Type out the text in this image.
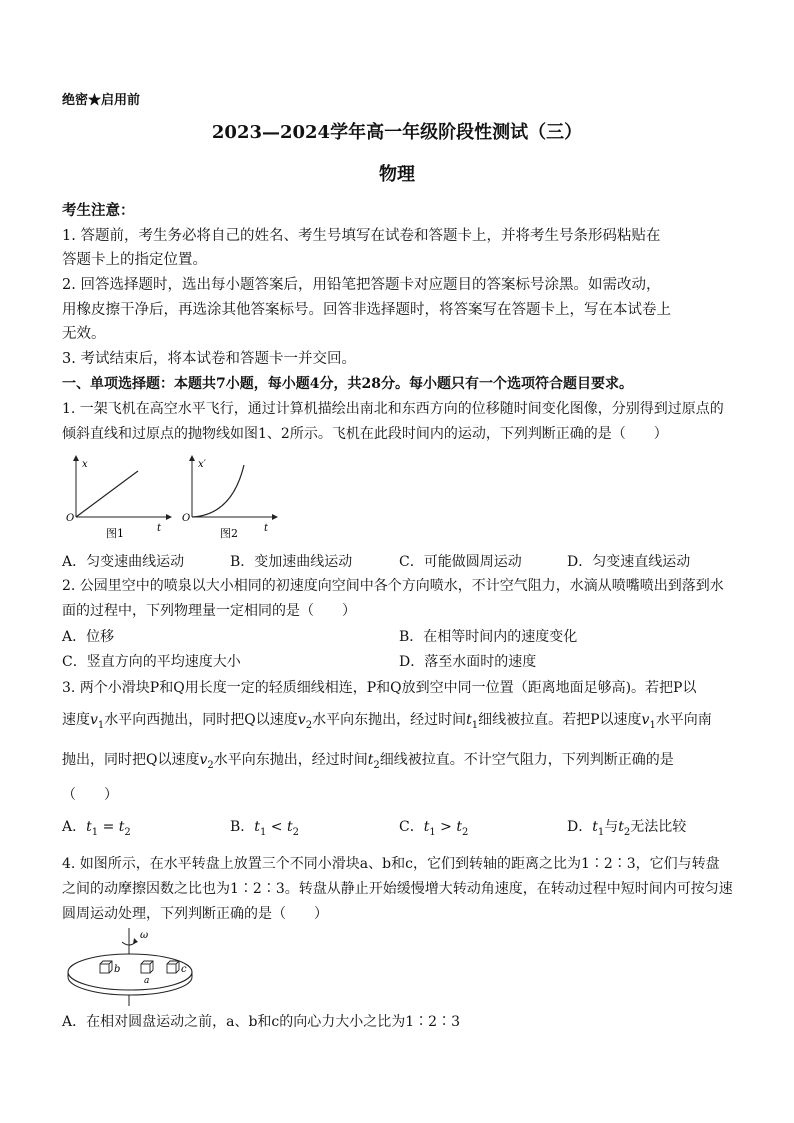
绝密★启用前
2023—2024学年高一年级阶段性测试（三）
物理
考生注意：
1. 答题前，考生务必将自己的姓名、考生号填写在试卷和答题卡上，并将考生号条形码粘贴在
答题卡上的指定位置。
2. 回答选择题时，选出每小题答案后，用铅笔把答题卡对应题目的答案标号涂黑。如需改动，
用橡皮擦干净后，再选涂其他答案标号。回答非选择题时，将答案写在答题卡上，写在本试卷上
无效。
3. 考试结束后，将本试卷和答题卡一并交回。
一、单项选择题：本题共7小题，每小题4分，共28分。每小题只有一个选项符合题目要求。
1. 一架飞机在高空水平飞行，通过计算机描绘出南北和东西方向的位移随时间变化图像，分别得到过原点的
倾斜直线和过原点的抛物线如图1、2所示。飞机在此段时间内的运动，下列判断正确的是（　　）
x
t
O
图1
x′
t
O
图2
A．匀变速曲线运动	B．变加速曲线运动	C．可能做圆周运动	D．匀变速直线运动
2. 公园里空中的喷泉以大小相同的初速度向空间中各个方向喷水，不计空气阻力，水滴从喷嘴喷出到落到水
面的过程中，下列物理量一定相同的是（　　）
A．位移	B．在相等时间内的速度变化
C．竖直方向的平均速度大小	D．落至水面时的速度
3. 两个小滑块P和Q用长度一定的轻质细线相连，P和Q放到空中同一位置（距离地面足够高)。若把P以
速度$v_1$水平向西抛出，同时把Q以速度$v_2$水平向东抛出，经过时间$t_1$细线被拉直。若把P以速度$v_1$水平向南
抛出，同时把Q以速度$v_2$水平向东抛出，经过时间$t_2$细线被拉直。不计空气阻力，下列判断正确的是
（　　）
A．$t_1 = t_2$	B．$t_1 < t_2$	C．$t_1 > t_2$	D．$t_1$与$t_2$无法比较
4. 如图所示，在水平转盘上放置三个不同小滑块a、b和c，它们到转轴的距离之比为1∶2∶3，它们与转盘
之间的动摩擦因数之比也为1∶2∶3。转盘从静止开始缓慢增大转动角速度，在转动过程中短时间内可按匀速
圆周运动处理，下列判断正确的是（　　）
ω
b
a
c
A．在相对圆盘运动之前，a、b和c的向心力大小之比为1∶2∶3
